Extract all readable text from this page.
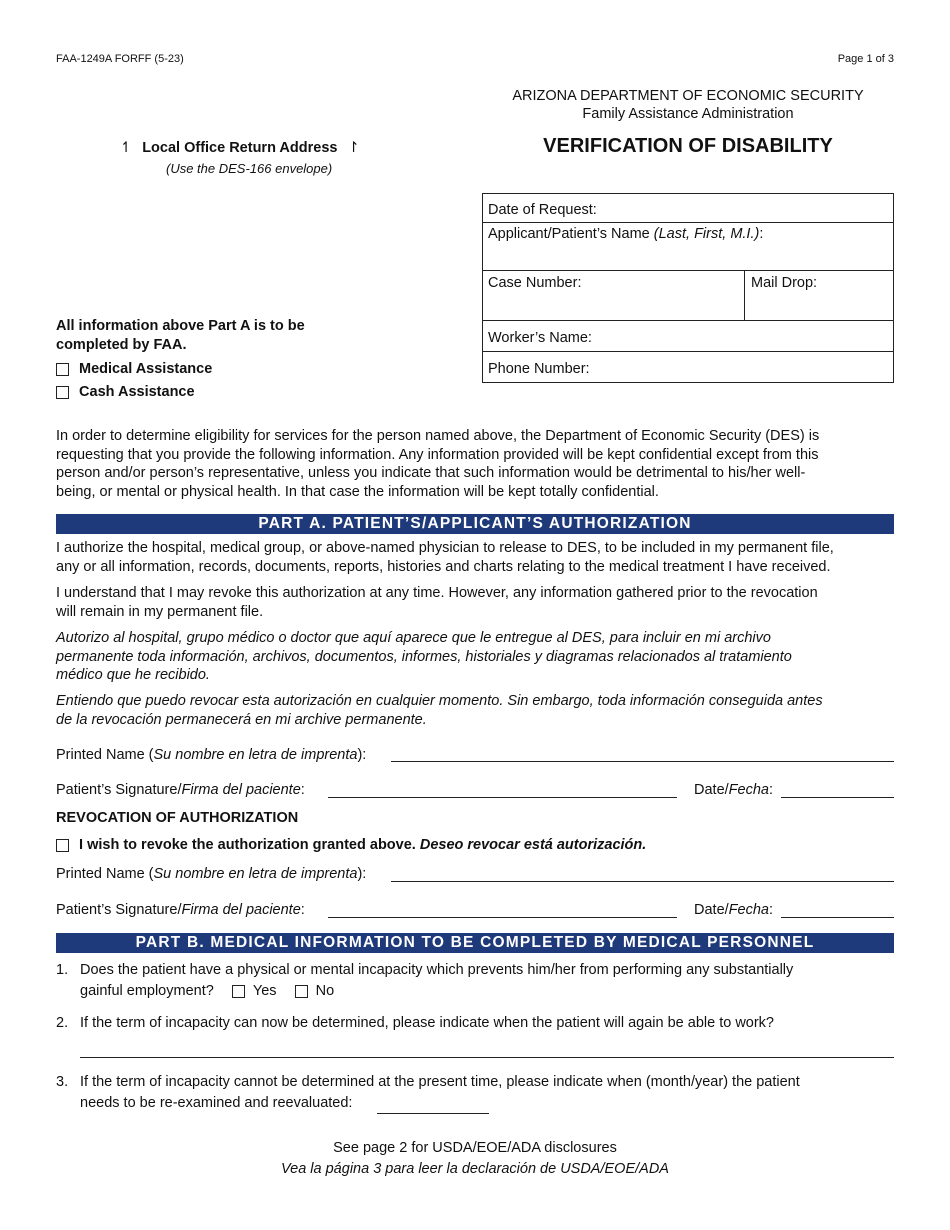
FAA-1249A FORFF (5-23)	Page 1 of 3
ARIZONA DEPARTMENT OF ECONOMIC SECURITY
Family Assistance Administration
VERIFICATION OF DISABILITY
↿ Local Office Return Address ↾
(Use the DES-166 envelope)
Date of Request:
Applicant/Patient’s Name (Last, First, M.I.):
Case Number:	Mail Drop:
Worker’s Name:
Phone Number:
All information above Part A is to be
completed by FAA.
Medical Assistance
Cash Assistance
In order to determine eligibility for services for the person named above, the Department of Economic Security (DES) is
requesting that you provide the following information. Any information provided will be kept confidential except from this
person and/or person’s representative, unless you indicate that such information would be detrimental to his/her well-
being, or mental or physical health. In that case the information will be kept totally confidential.
PART A. PATIENT’S/APPLICANT’S AUTHORIZATION
I authorize the hospital, medical group, or above-named physician to release to DES, to be included in my permanent file,
any or all information, records, documents, reports, histories and charts relating to the medical treatment I have received.
I understand that I may revoke this authorization at any time. However, any information gathered prior to the revocation
will remain in my permanent file.
Autorizo al hospital, grupo médico o doctor que aquí aparece que le entregue al DES, para incluir en mi archivo
permanente toda información, archivos, documentos, informes, historiales y diagramas relacionados al tratamiento
médico que he recibido.
Entiendo que puedo revocar esta autorización en cualquier momento. Sin embargo, toda información conseguida antes
de la revocación permanecerá en mi archive permanente.
Printed Name (Su nombre en letra de imprenta):
Patient’s Signature/Firma del paciente:	Date/Fecha:
REVOCATION OF AUTHORIZATION
I wish to revoke the authorization granted above. Deseo revocar está autorización.
Printed Name (Su nombre en letra de imprenta):
Patient’s Signature/Firma del paciente:	Date/Fecha:
PART B. MEDICAL INFORMATION TO BE COMPLETED BY MEDICAL PERSONNEL
1. Does the patient have a physical or mental incapacity which prevents him/her from performing any substantially
gainful employment?	Yes	No
2. If the term of incapacity can now be determined, please indicate when the patient will again be able to work?
3. If the term of incapacity cannot be determined at the present time, please indicate when (month/year) the patient
needs to be re-examined and reevaluated:
See page 2 for USDA/EOE/ADA disclosures
Vea la página 3 para leer la declaración de USDA/EOE/ADA
